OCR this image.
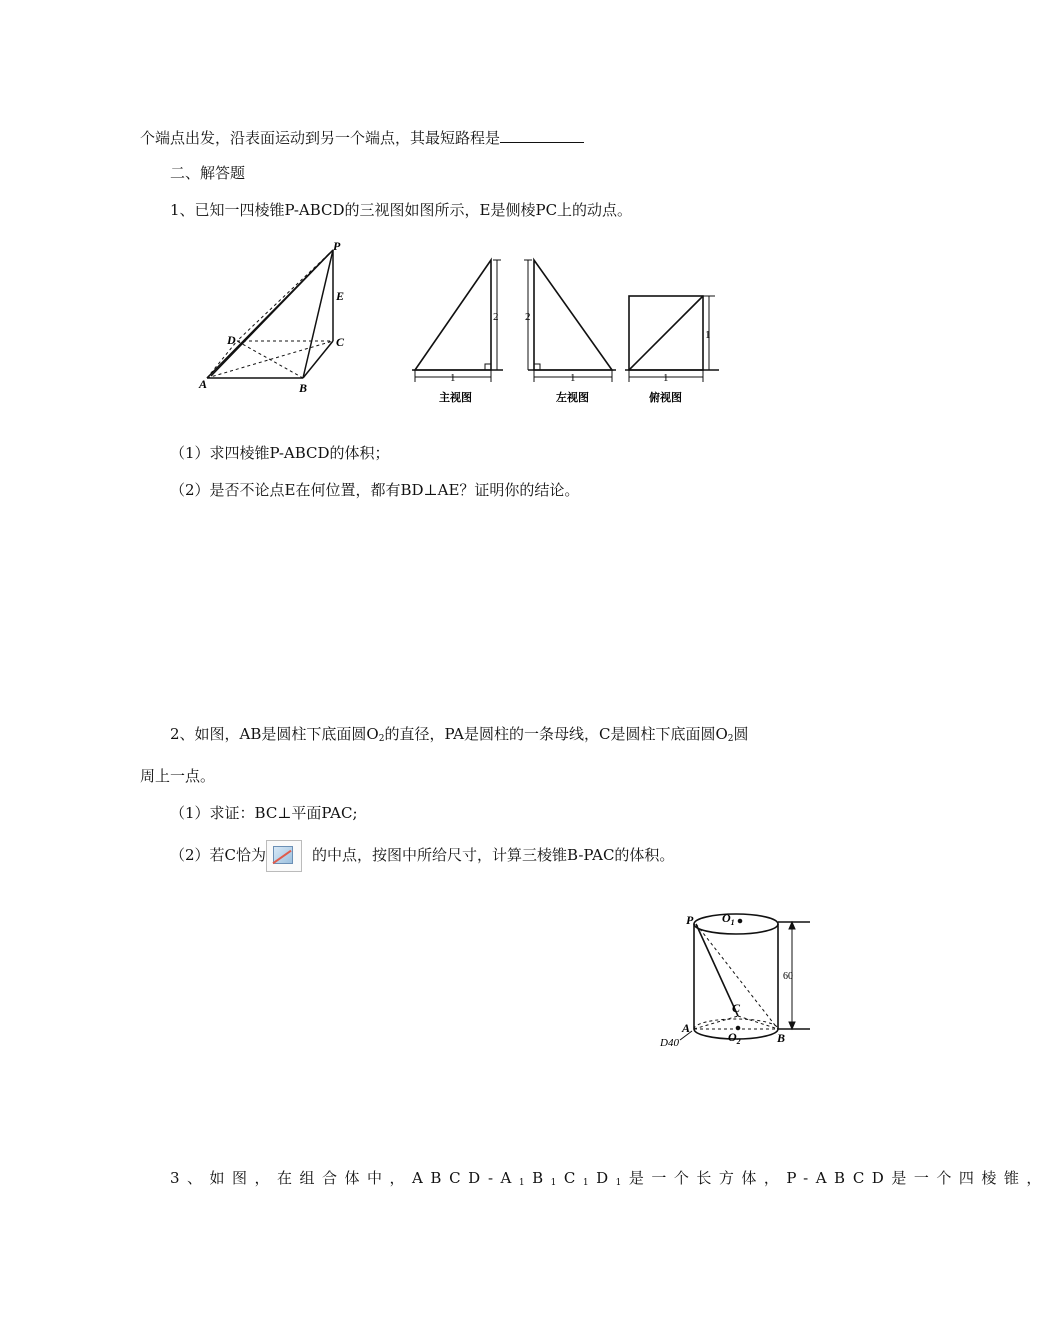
个端点出发，沿表面运动到另一个端点，其最短路程是
二、解答题
1、已知一四棱锥P-ABCD的三视图如图所示，E是侧棱PC上的动点。
P
E
D	C
A	B
2
1
主视图
2
1
左视图
1
1
俯视图
（1）求四棱锥P-ABCD的体积；
（2）是否不论点E在何位置，都有BD⊥AE？证明你的结论。
2、如图，AB是圆柱下底面圆$O_2$的直径，PA是圆柱的一条母线，C是圆柱下底面圆$O_2$圆
周上一点。
（1）求证：BC⊥平面PAC;
（2）若C恰为	的中点，按图中所给尺寸，计算三棱锥B-PAC的体积。
P $O_1$
C
A
$O_2$	B
D40
60
3、如图，在组合体中，ABCD-$A_1B_1C_1D_1$是一个长方体，P-ABCD是一个四棱锥，
